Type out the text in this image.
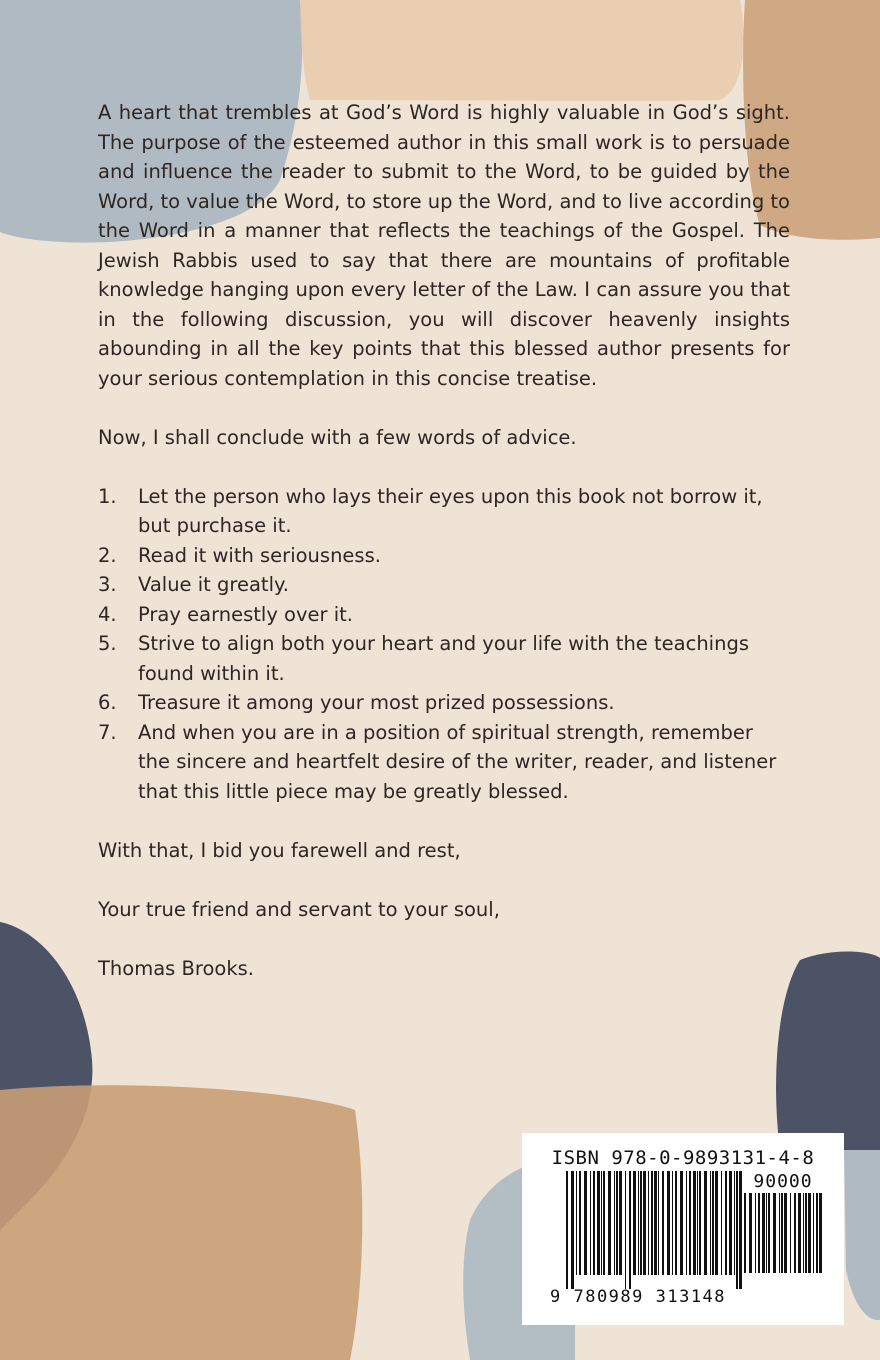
A heart that trembles at God’s Word is highly valuable in God’s sight. The purpose of the esteemed author in this small work is to persuade and influence the reader to submit to the Word, to be guided by the Word, to value the Word, to store up the Word, and to live according to the Word in a manner that reflects the teachings of the Gospel. The Jewish Rabbis used to say that there are mountains of profitable knowledge hanging upon every letter of the Law. I can assure you that in the following discussion, you will discover heavenly insights abounding in all the key points that this blessed author presents for your serious contemplation in this concise treatise.

Now, I shall conclude with a few words of advice.

1.	Let the person who lays their eyes upon this book not borrow it, but purchase it.
2.	Read it with seriousness.
3.	Value it greatly.
4.	Pray earnestly over it.
5.	Strive to align both your heart and your life with the teachings found within it.
6.	Treasure it among your most prized possessions.
7.	And when you are in a position of spiritual strength, remember the sincere and heartfelt desire of the writer, reader, and listener that this little piece may be greatly blessed.

With that, I bid you farewell and rest,

Your true friend and servant to your soul,

Thomas Brooks.

ISBN 978-0-9893131-4-8
90000
9 780989 313148
